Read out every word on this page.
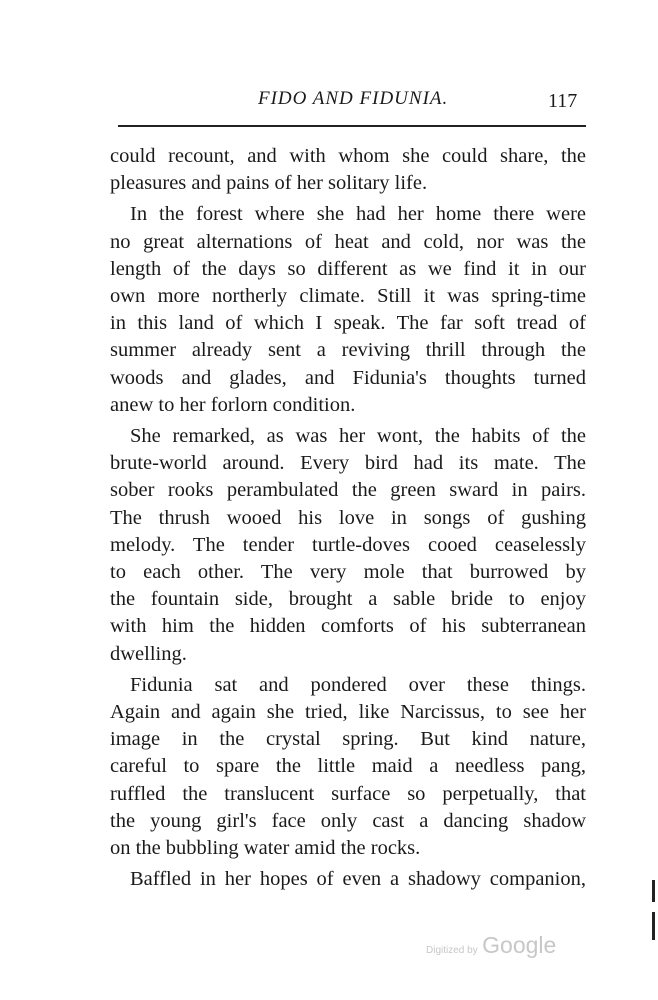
FIDO AND FIDUΝIA.	117
could recount, and with whom she could share, the
pleasures and pains of her solitary life.
In the forest where she had her home there were
no great alternations of heat and cold, nor was the
length of the days so different as we find it in our
own more northerly climate. Still it was spring-time
in this land of which I speak. The far soft tread of
summer already sent a reviving thrill through the
woods and glades, and Fidunia's thoughts turned
anew to her forlorn condition.
She remarked, as was her wont, the habits of the
brute-world around. Every bird had its mate. The
sober rooks perambulated the green sward in pairs.
The thrush wooed his love in songs of gushing
melody. The tender turtle-doves cooed ceaselessly
to each other. The very mole that burrowed by
the fountain side, brought a sable bride to enjoy
with him the hidden comforts of his subterranean
dwelling.
Fidunia sat and pondered over these things.
Again and again she tried, like Narcissus, to see her
image in the crystal spring. But kind nature,
careful to spare the little maid a needless pang,
ruffled the translucent surface so perpetually, that
the young girl's face only cast a dancing shadow
on the bubbling water amid the rocks.
Baffled in her hopes of even a shadowy companion,
Digitized by Google
